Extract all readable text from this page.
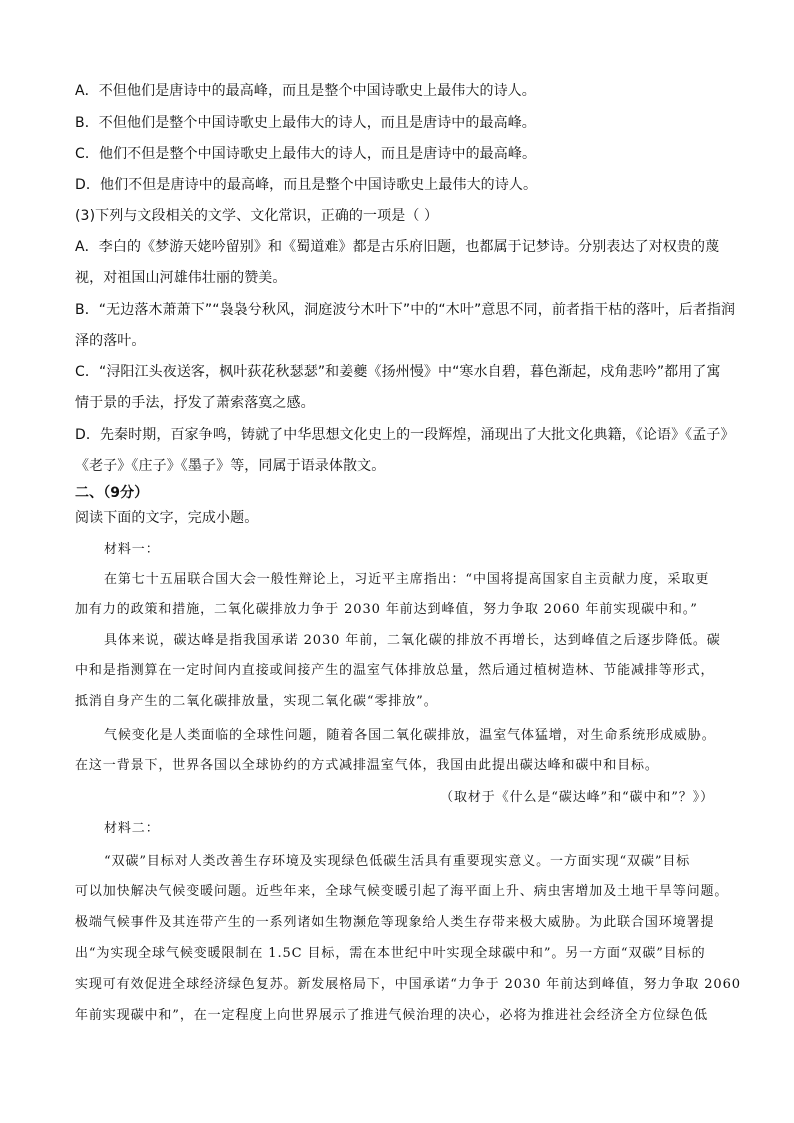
A．不但他们是唐诗中的最高峰，而且是整个中国诗歌史上最伟大的诗人。
B．不但他们是整个中国诗歌史上最伟大的诗人，而且是唐诗中的最高峰。
C．他们不但是整个中国诗歌史上最伟大的诗人，而且是唐诗中的最高峰。
D．他们不但是唐诗中的最高峰，而且是整个中国诗歌史上最伟大的诗人。
(3)下列与文段相关的文学、文化常识，正确的一项是（ ）
A．李白的《梦游天姥吟留别》和《蜀道难》都是古乐府旧题，也都属于记梦诗。分别表达了对权贵的蔑
视，对祖国山河雄伟壮丽的赞美。
B．“无边落木萧萧下”“袅袅兮秋风，洞庭波兮木叶下”中的“木叶”意思不同，前者指干枯的落叶，后者指润
泽的落叶。
C．“浔阳江头夜送客，枫叶荻花秋瑟瑟”和姜夔《扬州慢》中“寒水自碧，暮色渐起，戍角悲吟”都用了寓
情于景的手法，抒发了萧索落寞之感。
D．先秦时期，百家争鸣，铸就了中华思想文化史上的一段辉煌，涌现出了大批文化典籍，《论语》《孟子》
《老子》《庄子》《墨子》等，同属于语录体散文。
二、（9分）
阅读下面的文字，完成小题。
材料一：
在第七十五届联合国大会一般性辩论上，习近平主席指出：“中国将提高国家自主贡献力度，采取更
加有力的政策和措施，二氧化碳排放力争于 2030 年前达到峰值，努力争取 2060 年前实现碳中和。”
具体来说，碳达峰是指我国承诺 2030 年前，二氧化碳的排放不再增长，达到峰值之后逐步降低。碳
中和是指测算在一定时间内直接或间接产生的温室气体排放总量，然后通过植树造林、节能减排等形式，
抵消自身产生的二氧化碳排放量，实现二氧化碳“零排放”。
气候变化是人类面临的全球性问题，随着各国二氧化碳排放，温室气体猛增，对生命系统形成威胁。
在这一背景下，世界各国以全球协约的方式减排温室气体，我国由此提出碳达峰和碳中和目标。
（取材于《什么是“碳达峰”和“碳中和”？》）
材料二：
“双碳”目标对人类改善生存环境及实现绿色低碳生活具有重要现实意义。一方面实现“双碳”目标
可以加快解决气候变暖问题。近些年来，全球气候变暖引起了海平面上升、病虫害增加及土地干旱等问题。
极端气候事件及其连带产生的一系列诸如生物濒危等现象给人类生存带来极大威胁。为此联合国环境署提
出“为实现全球气候变暖限制在 1.5C 目标，需在本世纪中叶实现全球碳中和”。另一方面“双碳”目标的
实现可有效促进全球经济绿色复苏。新发展格局下，中国承诺“力争于 2030 年前达到峰值，努力争取 2060
年前实现碳中和”，在一定程度上向世界展示了推进气候治理的决心，必将为推进社会经济全方位绿色低
